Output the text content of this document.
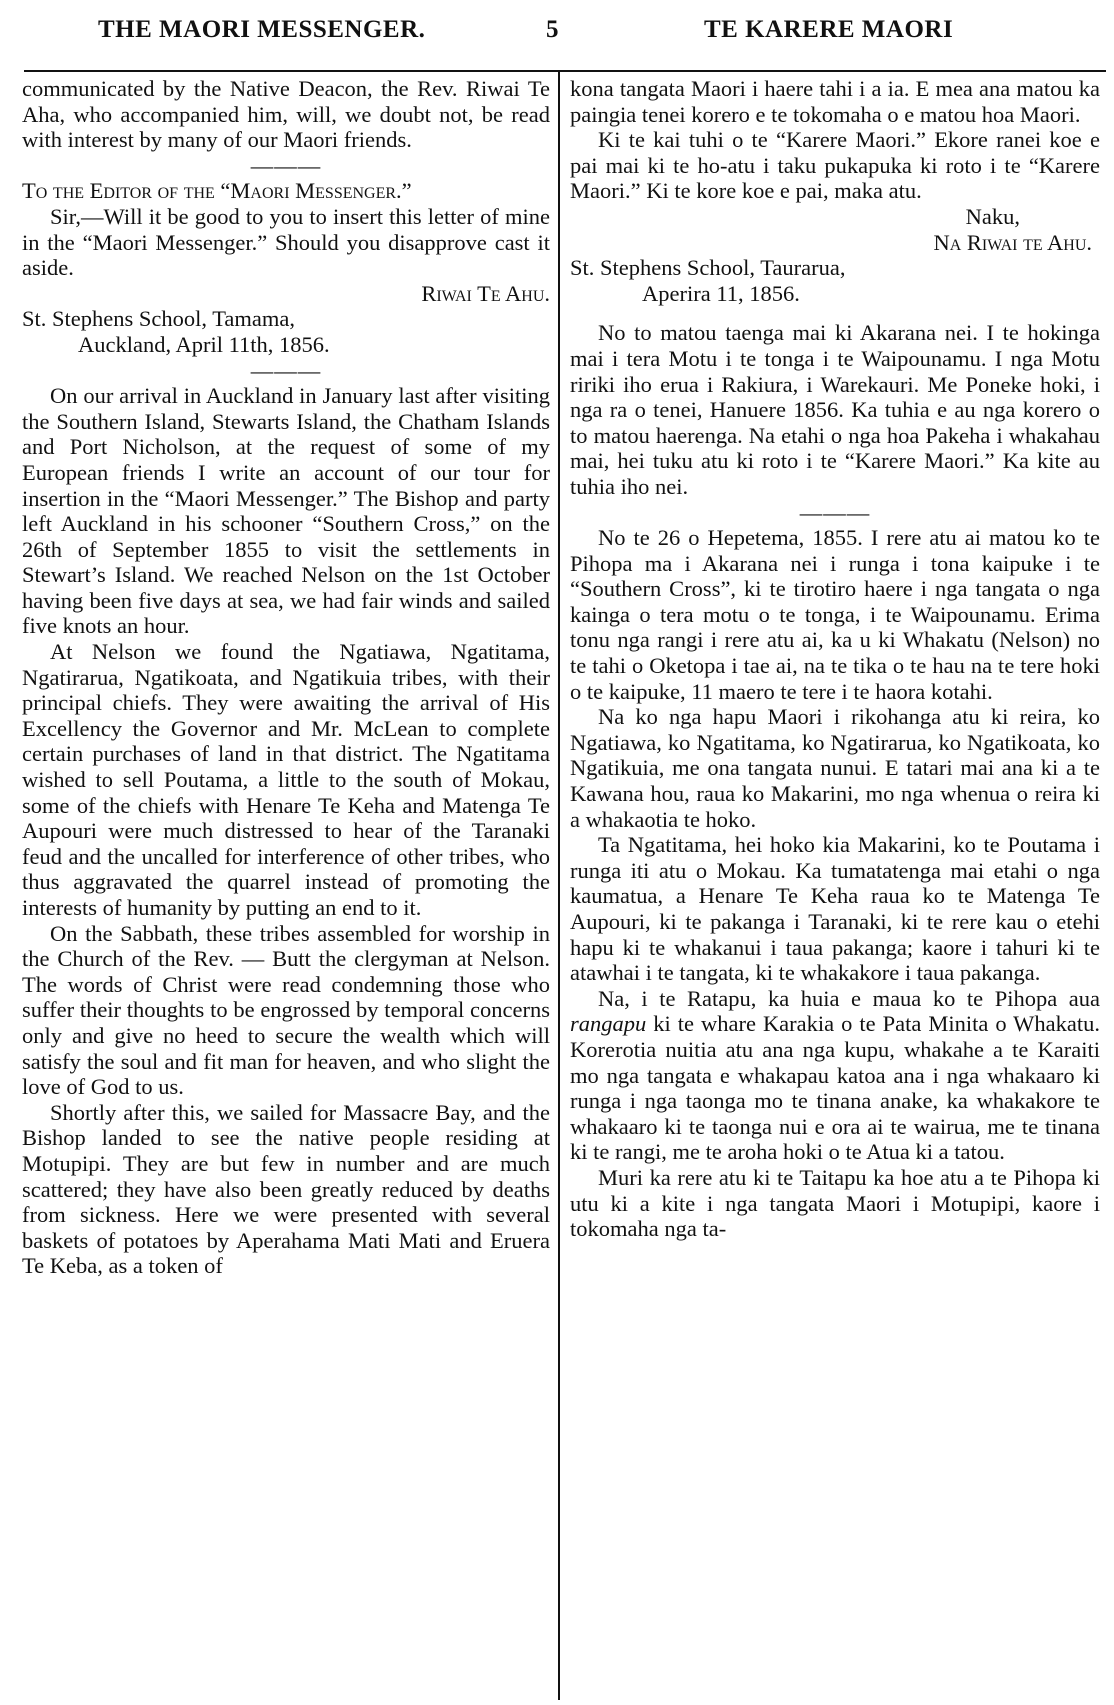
THE MAORI MESSENGER.	5	TE KARERE MAORI

communicated by the Native Deacon, the Rev. Riwai Te Aha, who accompanied him, will, we doubt not, be read with interest by many of our Maori friends.

———

To the Editor of the “Maori Messenger.”

Sir,—Will it be good to you to insert this letter of mine in the “Maori Messenger.” Should you disapprove cast it aside.

Riwai Te Ahu.

St. Stephens School, Tamama,

Auckland, April 11th, 1856.

———

On our arrival in Auckland in January last after visiting the Southern Island, Stewarts Island, the Chatham Islands and Port Nicholson, at the request of some of my European friends I write an account of our tour for insertion in the “Maori Messenger.” The Bishop and party left Auckland in his schooner “Southern Cross,” on the 26th of September 1855 to visit the settlements in Stewart’s Island. We reached Nelson on the 1st October having been five days at sea, we had fair winds and sailed five knots an hour.

At Nelson we found the Ngatiawa, Ngatitama, Ngatirarua, Ngatikoata, and Ngatikuia tribes, with their principal chiefs. They were awaiting the arrival of His Excellency the Governor and Mr. McLean to complete certain purchases of land in that district. The Ngatitama wished to sell Poutama, a little to the south of Mokau, some of the chiefs with Henare Te Keha and Matenga Te Aupouri were much distressed to hear of the Taranaki feud and the uncalled for interference of other tribes, who thus aggravated the quarrel instead of promoting the interests of humanity by putting an end to it.

On the Sabbath, these tribes assembled for worship in the Church of the Rev. — Butt the clergyman at Nelson. The words of Christ were read condemning those who suffer their thoughts to be engrossed by temporal concerns only and give no heed to secure the wealth which will satisfy the soul and fit man for heaven, and who slight the love of God to us.

Shortly after this, we sailed for Massacre Bay, and the Bishop landed to see the native people residing at Motupipi. They are but few in number and are much scattered; they have also been greatly reduced by deaths from sickness. Here we were presented with several baskets of potatoes by Aperahama Mati Mati and Eruera Te Keba, as a token of

kona tangata Maori i haere tahi i a ia. E mea ana matou ka paingia tenei korero e te tokomaha o e matou hoa Maori.

Ki te kai tuhi o te “Karere Maori.” Ekore ranei koe e pai mai ki te ho-atu i taku pukapuka ki roto i te “Karere Maori.” Ki te kore koe e pai, maka atu.

Naku,

Na Riwai te Ahu.

St. Stephens School, Taurarua,

Aperira 11, 1856.

No to matou taenga mai ki Akarana nei. I te hokinga mai i tera Motu i te tonga i te Waipounamu. I nga Motu ririki iho erua i Rakiura, i Warekauri. Me Poneke hoki, i nga ra o tenei, Hanuere 1856. Ka tuhia e au nga korero o to matou haerenga. Na etahi o nga hoa Pakeha i whakahau mai, hei tuku atu ki roto i te “Karere Maori.” Ka kite au tuhia iho nei.

———

No te 26 o Hepetema, 1855. I rere atu ai matou ko te Pihopa ma i Akarana nei i runga i tona kaipuke i te “Southern Cross”, ki te tirotiro haere i nga tangata o nga kainga o tera motu o te tonga, i te Waipounamu. Erima tonu nga rangi i rere atu ai, ka u ki Whakatu (Nelson) no te tahi o Oketopa i tae ai, na te tika o te hau na te tere hoki o te kaipuke, 11 maero te tere i te haora kotahi.

Na ko nga hapu Maori i rikohanga atu ki reira, ko Ngatiawa, ko Ngatitama, ko Ngatirarua, ko Ngatikoata, ko Ngatikuia, me ona tangata nunui. E tatari mai ana ki a te Kawana hou, raua ko Makarini, mo nga whenua o reira ki a whakaotia te hoko.

Ta Ngatitama, hei hoko kia Makarini, ko te Poutama i runga iti atu o Mokau. Ka tumatatenga mai etahi o nga kaumatua, a Henare Te Keha raua ko te Matenga Te Aupouri, ki te pakanga i Taranaki, ki te rere kau o etehi hapu ki te whakanui i taua pakanga; kaore i tahuri ki te atawhai i te tangata, ki te whakakore i taua pakanga.

Na, i te Ratapu, ka huia e maua ko te Pihopa aua rangapu ki te whare Karakia o te Pata Minita o Whakatu. Korerotia nuitia atu ana nga kupu, whakahe a te Karaiti mo nga tangata e whakapau katoa ana i nga whakaaro ki runga i nga taonga mo te tinana anake, ka whakakore te whakaaro ki te taonga nui e ora ai te wairua, me te tinana ki te rangi, me te aroha hoki o te Atua ki a tatou.

Muri ka rere atu ki te Taitapu ka hoe atu a te Pihopa ki utu ki a kite i nga tangata Maori i Motupipi, kaore i tokomaha nga ta-
